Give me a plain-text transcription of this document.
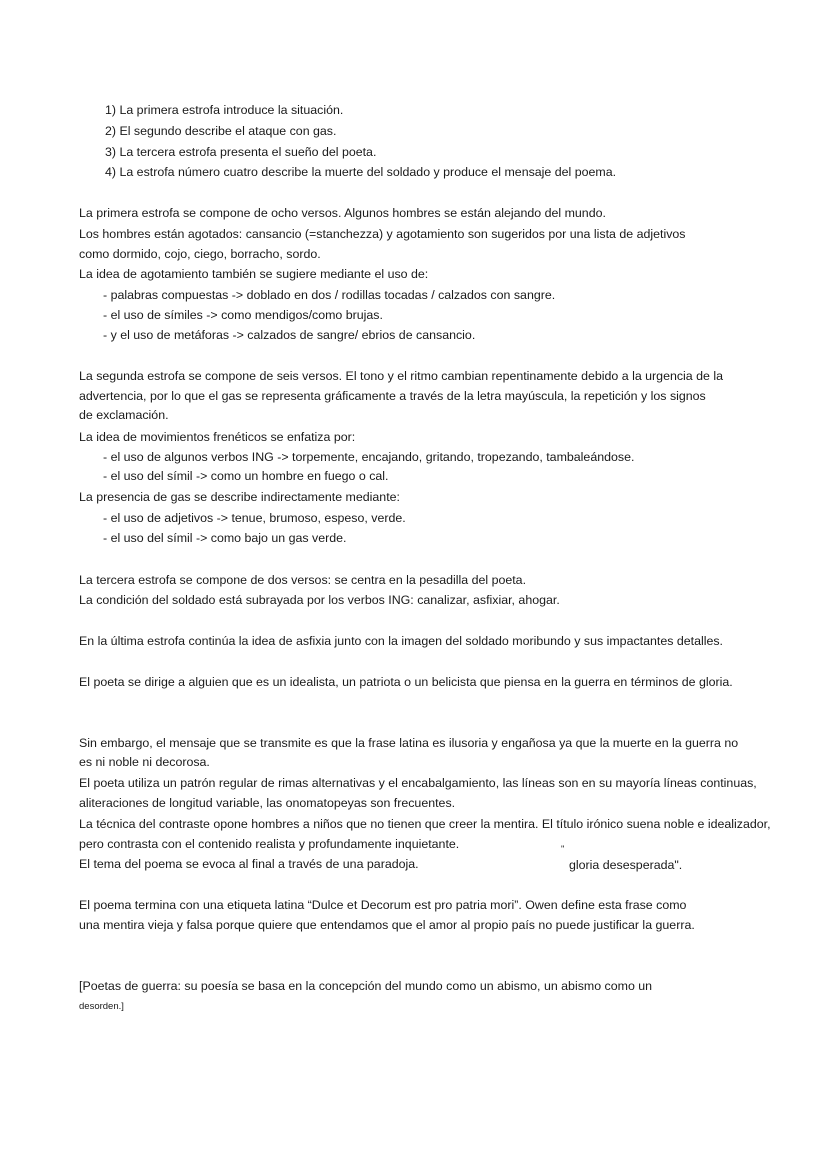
1) La primera estrofa introduce la situación.
2) El segundo describe el ataque con gas.
3) La tercera estrofa presenta el sueño del poeta.
4) La estrofa número cuatro describe la muerte del soldado y produce el mensaje del poema.
La primera estrofa se compone de ocho versos. Algunos hombres se están alejando del mundo.
Los hombres están agotados: cansancio (=stanchezza) y agotamiento son sugeridos por una lista de adjetivos
como dormido, cojo, ciego, borracho, sordo.
La idea de agotamiento también se sugiere mediante el uso de:
- palabras compuestas -> doblado en dos / rodillas tocadas / calzados con sangre.
- el uso de símiles -> como mendigos/como brujas.
- y el uso de metáforas -> calzados de sangre/ ebrios de cansancio.
La segunda estrofa se compone de seis versos. El tono y el ritmo cambian repentinamente debido a la urgencia de la
advertencia, por lo que el gas se representa gráficamente a través de la letra mayúscula, la repetición y los signos
de exclamación.
La idea de movimientos frenéticos se enfatiza por:
- el uso de algunos verbos ING -> torpemente, encajando, gritando, tropezando, tambaleándose.
- el uso del símil -> como un hombre en fuego o cal.
La presencia de gas se describe indirectamente mediante:
- el uso de adjetivos -> tenue, brumoso, espeso, verde.
- el uso del símil -> como bajo un gas verde.
La tercera estrofa se compone de dos versos: se centra en la pesadilla del poeta.
La condición del soldado está subrayada por los verbos ING: canalizar, asfixiar, ahogar.
En la última estrofa continúa la idea de asfixia junto con la imagen del soldado moribundo y sus impactantes detalles.
El poeta se dirige a alguien que es un idealista, un patriota o un belicista que piensa en la guerra en términos de gloria.
Sin embargo, el mensaje que se transmite es que la frase latina es ilusoria y engañosa ya que la muerte en la guerra no
es ni noble ni decorosa.
El poeta utiliza un patrón regular de rimas alternativas y el encabalgamiento, las líneas son en su mayoría líneas continuas,
aliteraciones de longitud variable, las onomatopeyas son frecuentes.
La técnica del contraste opone hombres a niños que no tienen que creer la mentira. El título irónico suena noble e idealizador,
pero contrasta con el contenido realista y profundamente inquietante.
El tema del poema se evoca al final a través de una paradoja.
"
gloria desesperada".
El poema termina con una etiqueta latina “Dulce et Decorum est pro patria mori”. Owen define esta frase como
una mentira vieja y falsa porque quiere que entendamos que el amor al propio país no puede justificar la guerra.
[Poetas de guerra: su poesía se basa en la concepción del mundo como un abismo, un abismo como un
desorden.]
